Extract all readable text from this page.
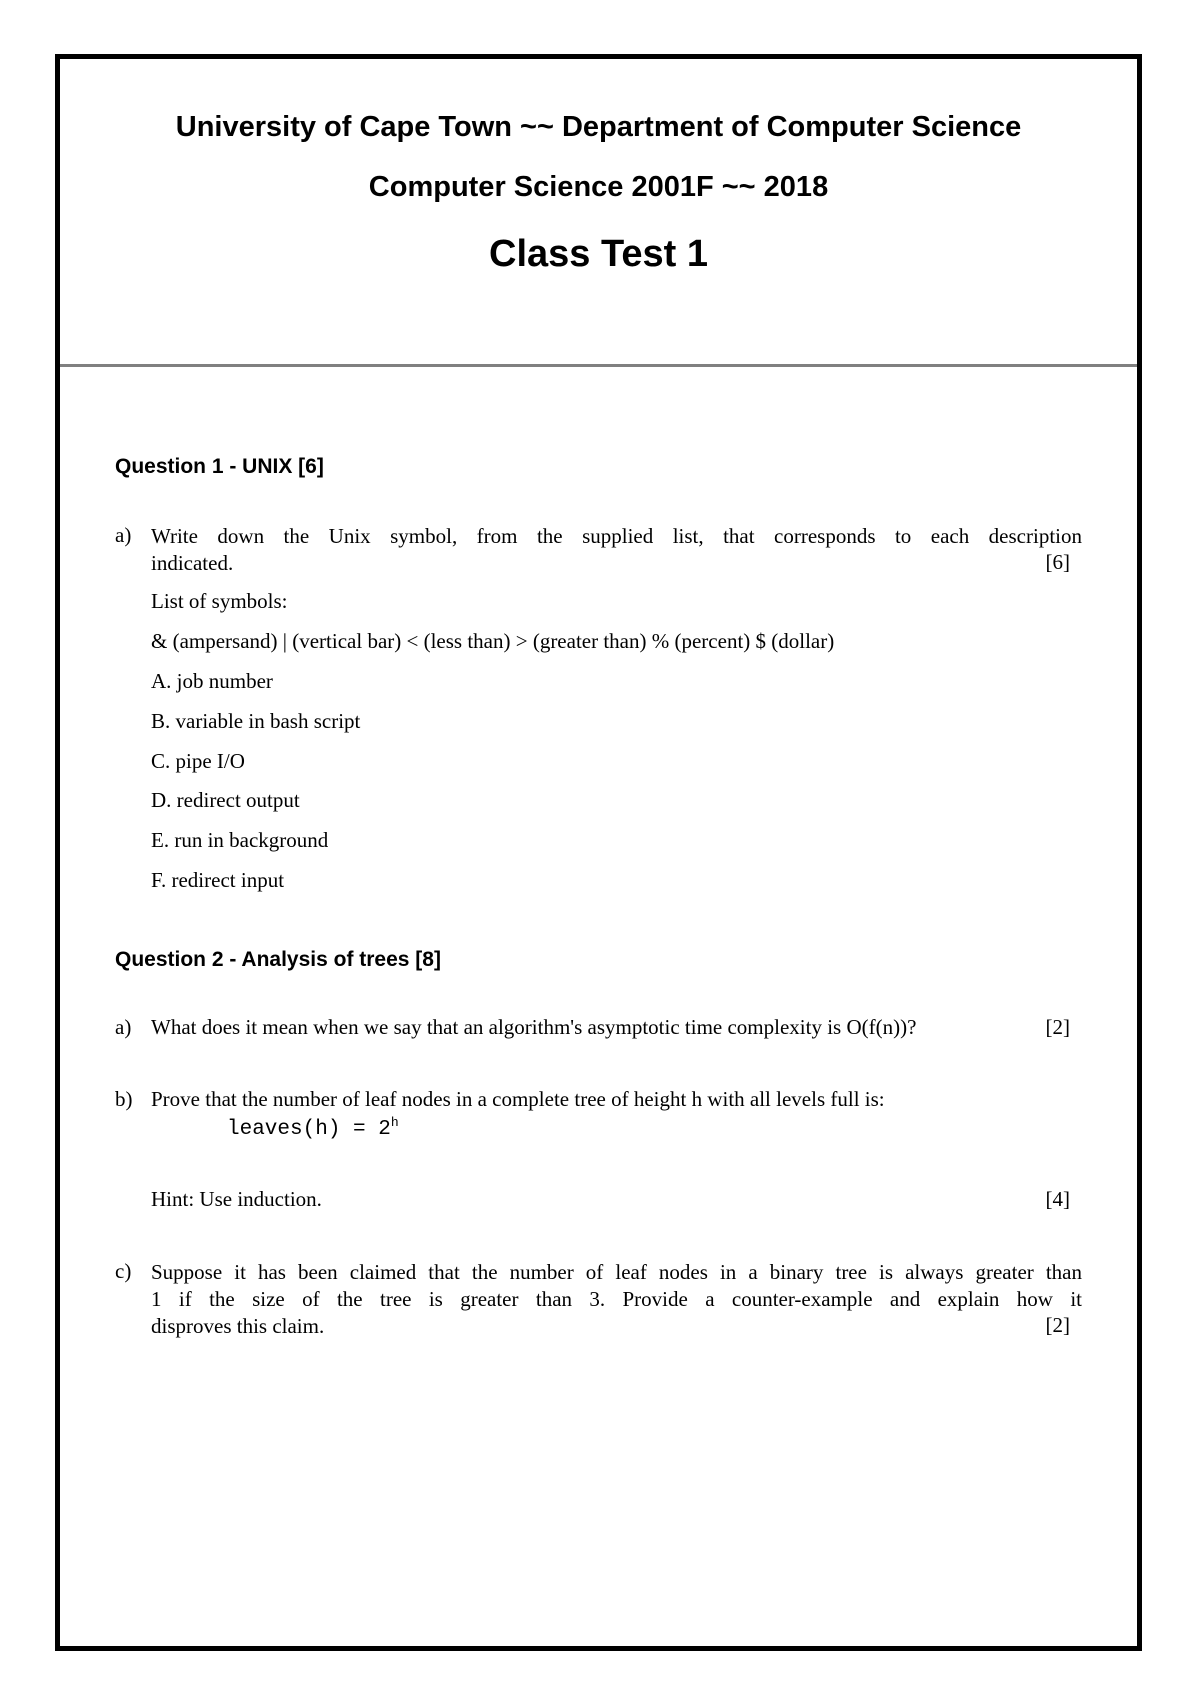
University of Cape Town ~~ Department of Computer Science
Computer Science 2001F ~~ 2018
Class Test 1
Question 1 - UNIX [6]
a) Write down the Unix symbol, from the supplied list, that corresponds to each description
indicated.	[6]
List of symbols:
& (ampersand) | (vertical bar) < (less than) > (greater than) % (percent) $ (dollar)
A. job number
B. variable in bash script
C. pipe I/O
D. redirect output
E. run in background
F. redirect input
Question 2 - Analysis of trees [8]
a) What does it mean when we say that an algorithm's asymptotic time complexity is O(f(n))?	[2]
b) Prove that the number of leaf nodes in a complete tree of height h with all levels full is:
leaves(h) = $2^h$
Hint: Use induction.	[4]
c) Suppose it has been claimed that the number of leaf nodes in a binary tree is always greater than
1 if the size of the tree is greater than 3. Provide a counter-example and explain how it
disproves this claim.	[2]
